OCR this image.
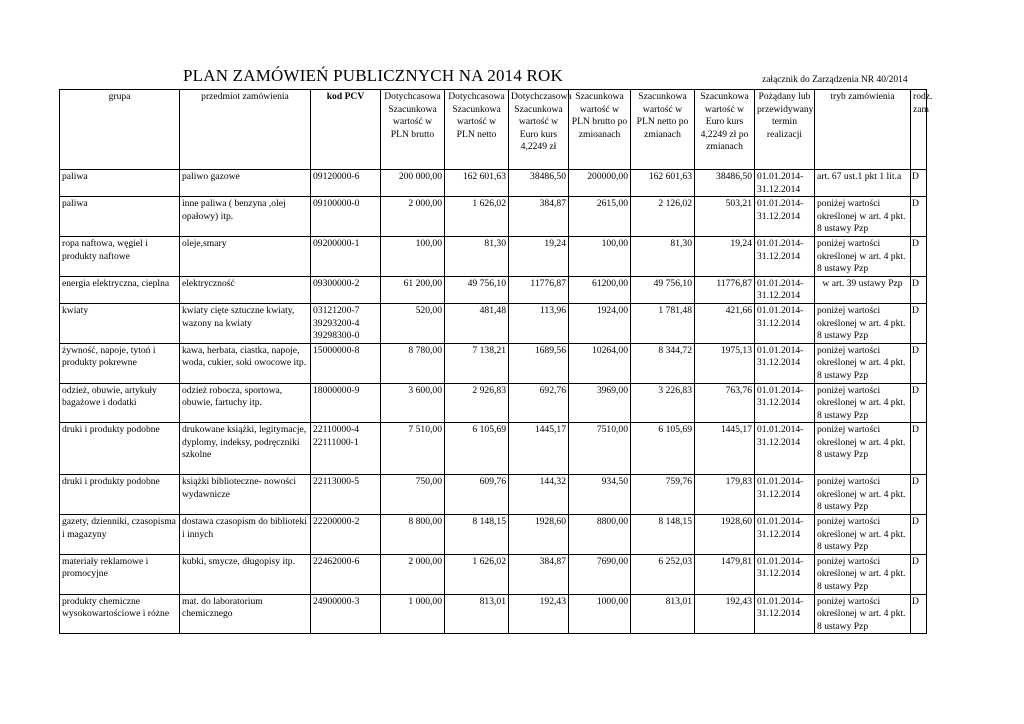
PLAN ZAMÓWIEŃ PUBLICZNYCH NA 2014 ROK	załącznik do Zarządzenia NR 40/2014
grupa	przedmiot zamówienia	kod PCV	Dotychcasowa Szacunkowa wartość w PLN brutto	Dotychcasowa Szacunkowa wartość w PLN netto	Dotychczasowa Szacunkowa wartość w Euro kurs 4,2249 zł	Szacunkowa wartość w PLN brutto po zmioanach	Szacunkowa wartość w PLN netto po zmianach	Szacunkowa wartość w Euro kurs 4,2249 zł po zmianach	Pożądany lub przewidywany termin realizacji	tryb zamówienia	rodz. zam
paliwa	paliwo gazowe	09120000-6	200 000,00	162 601,63	38486,50	200000,00	162 601,63	38486,50	01.01.2014-
31.12.2014	art. 67 ust.1 pkt 1 lit.a	D
paliwa	inne paliwa ( benzyna ,olej opałowy) itp.	09100000-0	2 000,00	1 626,02	384,87	2615,00	2 126,02	503,21	01.01.2014-
31.12.2014	poniżej wartości określonej w art. 4 pkt. 8 ustawy Pzp	D
ropa naftowa, węgiel i produkty naftowe	oleje,smary	09200000-1	100,00	81,30	19,24	100,00	81,30	19,24	01.01.2014-
31.12.2014	poniżej wartości określonej w art. 4 pkt. 8 ustawy Pzp	D
energia elektryczna, cieplna	elektryczność	09300000-2	61 200,00	49 756,10	11776,87	61200,00	49 756,10	11776,87	01.01.2014-
31.12.2014	w art. 39 ustawy Pzp	D
kwiaty	kwiaty cięte sztuczne kwiaty, wazony na kwiaty	03121200-7
39293200-4
39298300-0	520,00	481,48	113,96	1924,00	1 781,48	421,66	01.01.2014-
31.12.2014	poniżej wartości określonej w art. 4 pkt. 8 ustawy Pzp	D
żywność, napoje, tytoń i produkty pokrewne	kawa, herbata, ciastka, napoje, woda, cukier, soki owocowe itp.	15000000-8	8 780,00	7 138,21	1689,56	10264,00	8 344,72	1975,13	01.01.2014-
31.12.2014	poniżej wartości określonej w art. 4 pkt. 8 ustawy Pzp	D
odzież, obuwie, artykuły bagażowe i dodatki	odzież robocza, sportowa, obuwie, fartuchy itp.	18000000-9	3 600,00	2 926,83	692,76	3969,00	3 226,83	763,76	01.01.2014-
31.12.2014	poniżej wartości określonej w art. 4 pkt. 8 ustawy Pzp	D
druki i produkty podobne	drukowane książki, legitymacje, dyplomy, indeksy, podręczniki szkolne	22110000-4
22111000-1	7 510,00	6 105,69	1445,17	7510,00	6 105,69	1445,17	01.01.2014-
31.12.2014	poniżej wartości określonej w art. 4 pkt. 8 ustawy Pzp	D
druki i produkty podobne	książki biblioteczne- nowości wydawnicze	22113000-5	750,00	609,76	144,32	934,50	759,76	179,83	01.01.2014-
31.12.2014	poniżej wartości określonej w art. 4 pkt. 8 ustawy Pzp	D
gazety, dzienniki, czasopisma i magazyny	dostawa czasopism do biblioteki i innych	22200000-2	8 800,00	8 148,15	1928,60	8800,00	8 148,15	1928,60	01.01.2014-
31.12.2014	poniżej wartości określonej w art. 4 pkt. 8 ustawy Pzp	D
materiały reklamowe i promocyjne	kubki, smycze, długopisy itp.	22462000-6	2 000,00	1 626,02	384,87	7690,00	6 252,03	1479,81	01.01.2014-
31.12.2014	poniżej wartości określonej w art. 4 pkt. 8 ustawy Pzp	D
produkty chemiczne wysokowartościowe i różne	mat. do laboratorium chemicznego	24900000-3	1 000,00	813,01	192,43	1000,00	813,01	192,43	01.01.2014-
31.12.2014	poniżej wartości określonej w art. 4 pkt. 8 ustawy Pzp	D
